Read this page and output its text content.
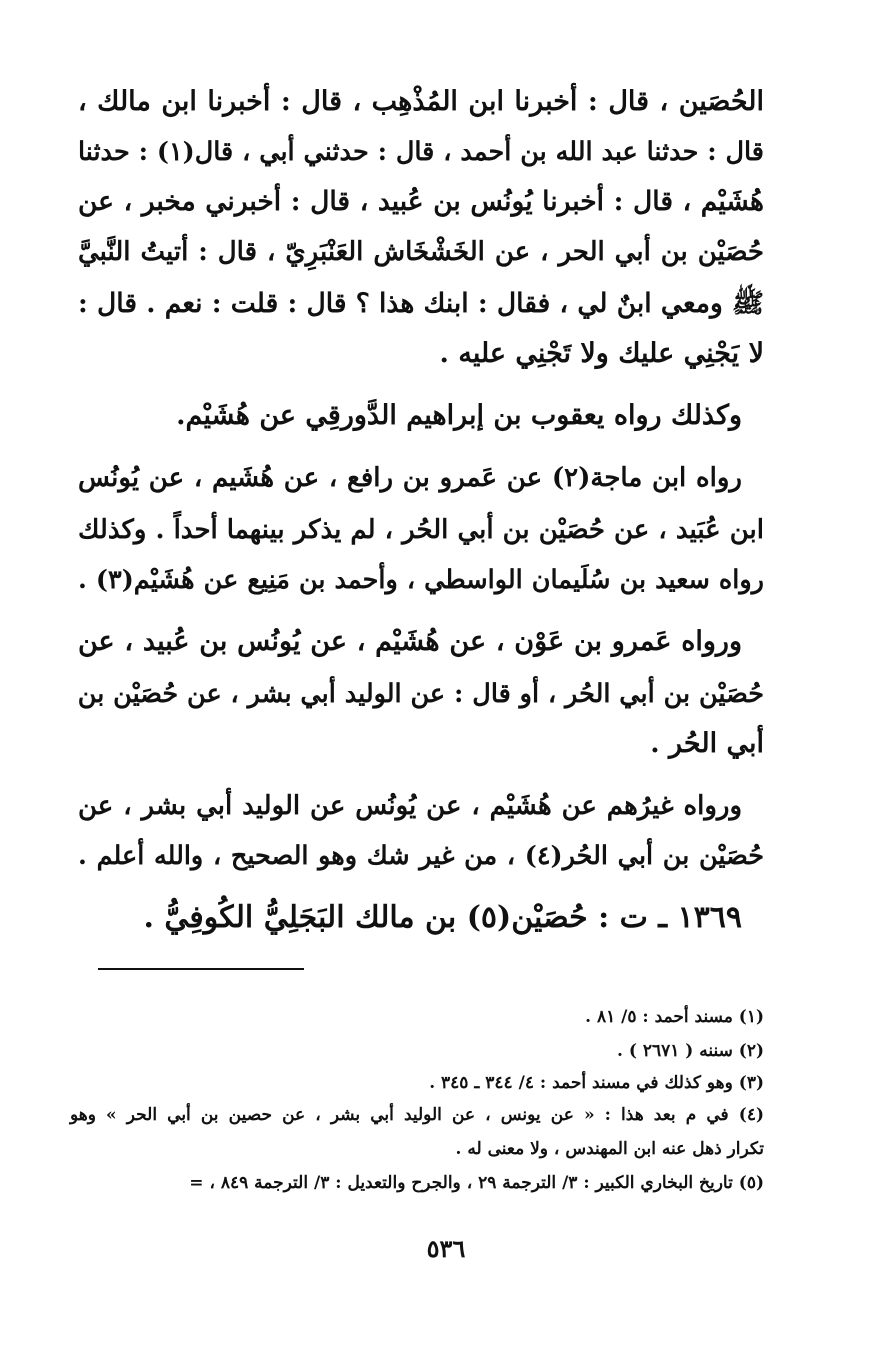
الحُصَين ، قال : أخبرنا ابن المُذْهِب ، قال : أخبرنا ابن مالك ،
قال : حدثنا عبد الله بن أحمد ، قال : حدثني أبي ، قال(١) : حدثنا
هُشَيْم ، قال : أخبرنا يُونُس بن عُبيد ، قال : أخبرني مخبر ، عن
حُصَيْن بن أبي الحر ، عن الخَشْخَاش العَنْبَرِيّ ، قال : أتيتُ النَّبيَّ
ﷺ ومعي ابنٌ لي ، فقال : ابنك هذا ؟ قال : قلت : نعم . قال :
لا يَجْنِي عليك ولا تَجْنِي عليه .
وكذلك رواه يعقوب بن إبراهيم الدَّورقِي عن هُشَيْم.
رواه ابن ماجة(٢) عن عَمرو بن رافع ، عن هُشَيم ، عن يُونُس
ابن عُبَيد ، عن حُصَيْن بن أبي الحُر ، لم يذكر بينهما أحداً . وكذلك
رواه سعيد بن سُلَيمان الواسطي ، وأحمد بن مَنِيع عن هُشَيْم(٣) .
ورواه عَمرو بن عَوْن ، عن هُشَيْم ، عن يُونُس بن عُبيد ، عن
حُصَيْن بن أبي الحُر ، أو قال : عن الوليد أبي بشر ، عن حُصَيْن بن
أبي الحُر .
ورواه غيرُهم عن هُشَيْم ، عن يُونُس عن الوليد أبي بشر ، عن
حُصَيْن بن أبي الحُر(٤) ، من غير شك وهو الصحيح ، والله أعلم .
١٣٦٩ ـ ت : حُصَيْن(٥) بن مالك البَجَلِيُّ الكُوفِيُّ .
(١) مسند أحمد : ٥/ ٨١ .
(٢) سننه ( ٢٦٧١ ) .
(٣) وهو كذلك في مسند أحمد : ٤/ ٣٤٤ ـ ٣٤٥ .
(٤) في م بعد هذا : « عن يونس ، عن الوليد أبي بشر ، عن حصين بن أبي الحر » وهو
تكرار ذهل عنه ابن المهندس ، ولا معنى له .
(٥) تاريخ البخاري الكبير : ٣/ الترجمة ٢٩ ، والجرح والتعديل : ٣/ الترجمة ٨٤٩ ، =
٥٣٦
